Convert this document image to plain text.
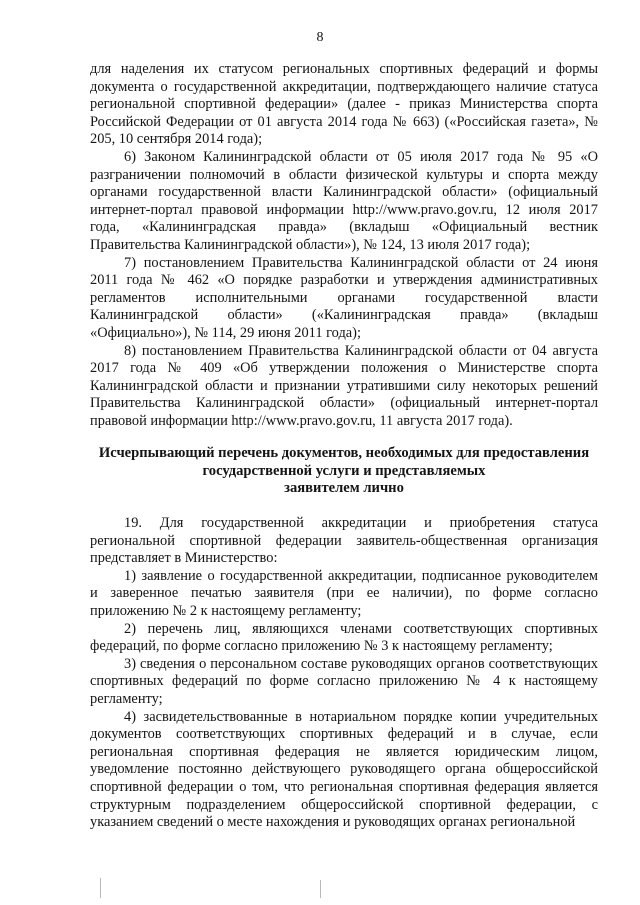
8

для наделения их статусом региональных спортивных федераций и формы документа о государственной аккредитации, подтверждающего наличие статуса региональной спортивной федерации» (далее - приказ Министерства спорта Российской Федерации от 01 августа 2014 года № 663) («Российская газета», № 205, 10 сентября 2014 года);

6) Законом Калининградской области от 05 июля 2017 года № 95 «О разграничении полномочий в области физической культуры и спорта между органами государственной власти Калининградской области» (официальный интернет-портал правовой информации http://www.pravo.gov.ru, 12 июля 2017 года, «Калининградская правда» (вкладыш «Официальный вестник Правительства Калининградской области»), № 124, 13 июля 2017 года);

7) постановлением Правительства Калининградской области от 24 июня 2011 года № 462 «О порядке разработки и утверждения административных регламентов исполнительными органами государственной власти Калининградской области» («Калининградская правда» (вкладыш «Официально»), № 114, 29 июня 2011 года);

8) постановлением Правительства Калининградской области от 04 августа 2017 года № 409 «Об утверждении положения о Министерстве спорта Калининградской области и признании утратившими силу некоторых решений Правительства Калининградской области» (официальный интернет-портал правовой информации http://www.pravo.gov.ru, 11 августа 2017 года).

Исчерпывающий перечень документов, необходимых для предоставления

государственной услуги и представляемых

заявителем лично

19. Для государственной аккредитации и приобретения статуса региональной спортивной федерации заявитель-общественная организация представляет в Министерство:

1) заявление о государственной аккредитации, подписанное руководителем и заверенное печатью заявителя (при ее наличии), по форме согласно приложению № 2 к настоящему регламенту;

2) перечень лиц, являющихся членами соответствующих спортивных федераций, по форме согласно приложению № 3 к настоящему регламенту;

3) сведения о персональном составе руководящих органов соответствующих спортивных федераций по форме согласно приложению № 4 к настоящему регламенту;

4) засвидетельствованные в нотариальном порядке копии учредительных документов соответствующих спортивных федераций и в случае, если региональная спортивная федерация не является юридическим лицом, уведомление постоянно действующего руководящего органа общероссийской спортивной федерации о том, что региональная спортивная федерация является структурным подразделением общероссийской спортивной федерации, с указанием сведений о месте нахождения и руководящих органах региональной
